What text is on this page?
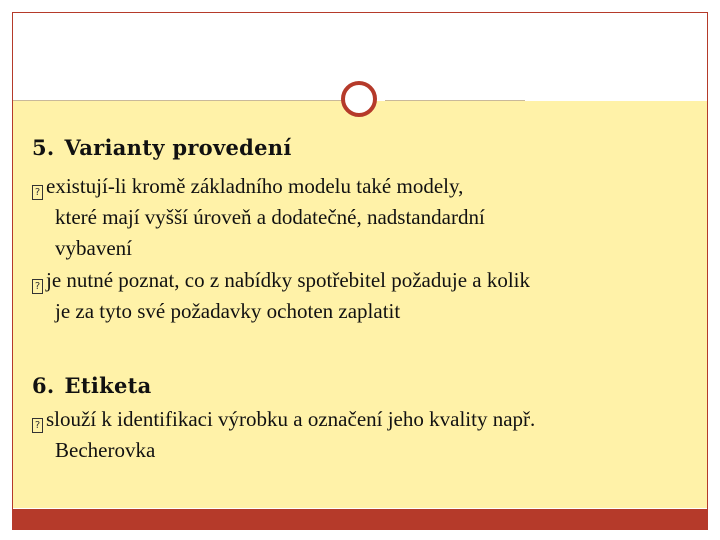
5. Varianty provedení
? existují-li kromě základního modelu také modely,
které mají vyšší úroveň a dodatečné, nadstandardní
vybavení
? je nutné poznat, co z nabídky spotřebitel požaduje a kolik
je za tyto své požadavky ochoten zaplatit
6. Etiketa
? slouží k identifikaci výrobku a označení jeho kvality např.
Becherovka
